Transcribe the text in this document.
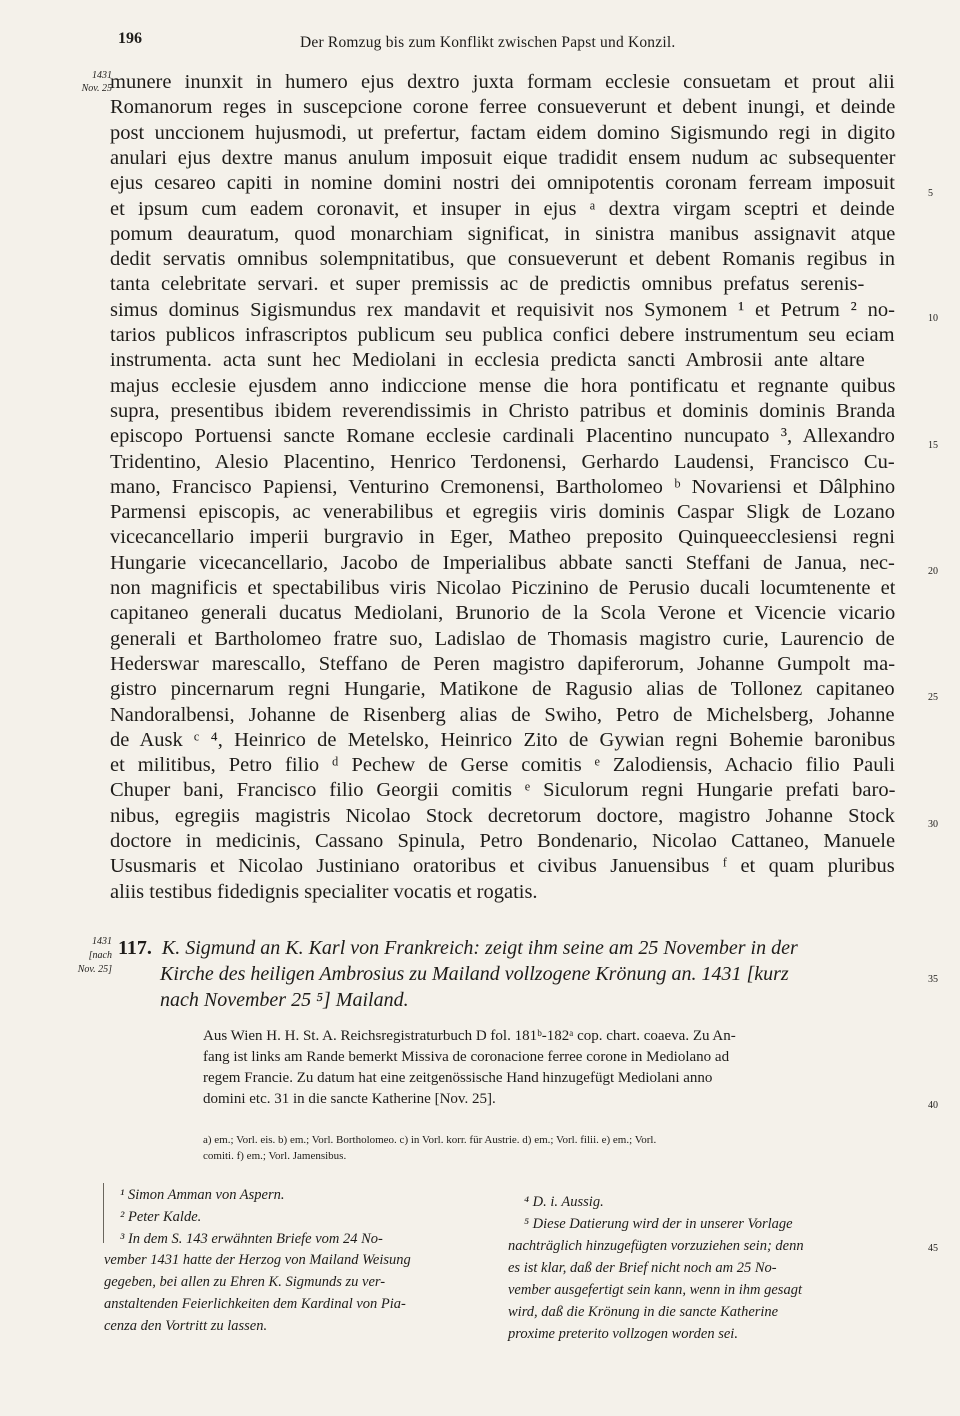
196	Der Romzug bis zum Konflikt zwischen Papst und Konzil.
1431
Nov. 25
munere inunxit in humero ejus dextro juxta formam ecclesie consuetam et prout alii
Romanorum reges in suscepcione corone ferree consueverunt et debent inungi, et deinde
post unccionem hujusmodi, ut prefertur, factam eidem domino Sigismundo regi in digito
anulari ejus dextre manus anulum imposuit eique tradidit ensem nudum ac subsequenter
ejus cesareo capiti in nomine domini nostri dei omnipotentis coronam ferream imposuit
et ipsum cum eadem coronavit, et insuper in ejus ᵃ dextra virgam sceptri et deinde
pomum deauratum, quod monarchiam significat, in sinistra manibus assignavit atque
dedit servatis omnibus solempnitatibus, que consueverunt et debent Romanis regibus in
tanta celebritate servari. et super premissis ac de predictis omnibus prefatus serenis-
simus dominus Sigismundus rex mandavit et requisivit nos Symonem ¹ et Petrum ² no-
tarios publicos infrascriptos publicum seu publica confici debere instrumentum seu eciam
instrumenta. acta sunt hec Mediolani in ecclesia predicta sancti Ambrosii ante altare
majus ecclesie ejusdem anno indiccione mense die hora pontificatu et regnante quibus
supra, presentibus ibidem reverendissimis in Christo patribus et dominis dominis Branda
episcopo Portuensi sancte Romane ecclesie cardinali Placentino nuncupato ³, Allexandro
Tridentino, Alesio Placentino, Henrico Terdonensi, Gerhardo Laudensi, Francisco Cu-
mano, Francisco Papiensi, Venturino Cremonensi, Bartholomeo ᵇ Novariensi et Dâlphino
Parmensi episcopis, ac venerabilibus et egregiis viris dominis Caspar Sligk de Lozano
vicecancellario imperii burgravio in Eger, Matheo preposito Quinqueecclesiensi regni
Hungarie vicecancellario, Jacobo de Imperialibus abbate sancti Steffani de Janua, nec-
non magnificis et spectabilibus viris Nicolao Piczinino de Perusio ducali locumtenente et
capitaneo generali ducatus Mediolani, Brunorio de la Scola Verone et Vicencie vicario
generali et Bartholomeo fratre suo, Ladislao de Thomasis magistro curie, Laurencio de
Hederswar marescallo, Steffano de Peren magistro dapiferorum, Johanne Gumpolt ma-
gistro pincernarum regni Hungarie, Matikone de Ragusio alias de Tollonez capitaneo
Nandoralbensi, Johanne de Risenberg alias de Swiho, Petro de Michelsberg, Johanne
de Ausk ᶜ ⁴, Heinrico de Metelsko, Heinrico Zito de Gywian regni Bohemie baronibus
et militibus, Petro filio ᵈ Pechew de Gerse comitis ᵉ Zalodiensis, Achacio filio Pauli
Chuper bani, Francisco filio Georgii comitis ᵉ Siculorum regni Hungarie prefati baro-
nibus, egregiis magistris Nicolao Stock decretorum doctore, magistro Johanne Stock
doctore in medicinis, Cassano Spinula, Petro Bondenario, Nicolao Cattaneo, Manuele
Ususmaris et Nicolao Justiniano oratoribus et civibus Januensibus ᶠ et quam pluribus
aliis testibus fidedignis specialiter vocatis et rogatis.
5
10
15
20
25
30
35
40
45
1431
[nach
Nov. 25]
117. K. Sigmund an K. Karl von Frankreich: zeigt ihm seine am 25 November in der
Kirche des heiligen Ambrosius zu Mailand vollzogene Krönung an. 1431 [kurz
nach November 25 ⁵] Mailand.
Aus Wien H. H. St. A. Reichsregistraturbuch D fol. 181ᵇ-182ᵃ cop. chart. coaeva. Zu An-
fang ist links am Rande bemerkt Missiva de coronacione ferree corone in Mediolano ad
regem Francie. Zu datum hat eine zeitgenössische Hand hinzugefügt Mediolani anno
domini etc. 31 in die sancte Katherine [Nov. 25].
a) em.; Vorl. eis. b) em.; Vorl. Bortholomeo. c) in Vorl. korr. für Austrie. d) em.; Vorl. filii. e) em.; Vorl.
comiti. f) em.; Vorl. Jamensibus.
¹ Simon Amman von Aspern.
² Peter Kalde.
³ In dem S. 143 erwähnten Briefe vom 24 No-
vember 1431 hatte der Herzog von Mailand Weisung
gegeben, bei allen zu Ehren K. Sigmunds zu ver-
anstaltenden Feierlichkeiten dem Kardinal von Pia-
cenza den Vortritt zu lassen.
⁴ D. i. Aussig.
⁵ Diese Datierung wird der in unserer Vorlage
nachträglich hinzugefügten vorzuziehen sein; denn
es ist klar, daß der Brief nicht noch am 25 No-
vember ausgefertigt sein kann, wenn in ihm gesagt
wird, daß die Krönung in die sancte Katherine
proxime preterito vollzogen worden sei.
